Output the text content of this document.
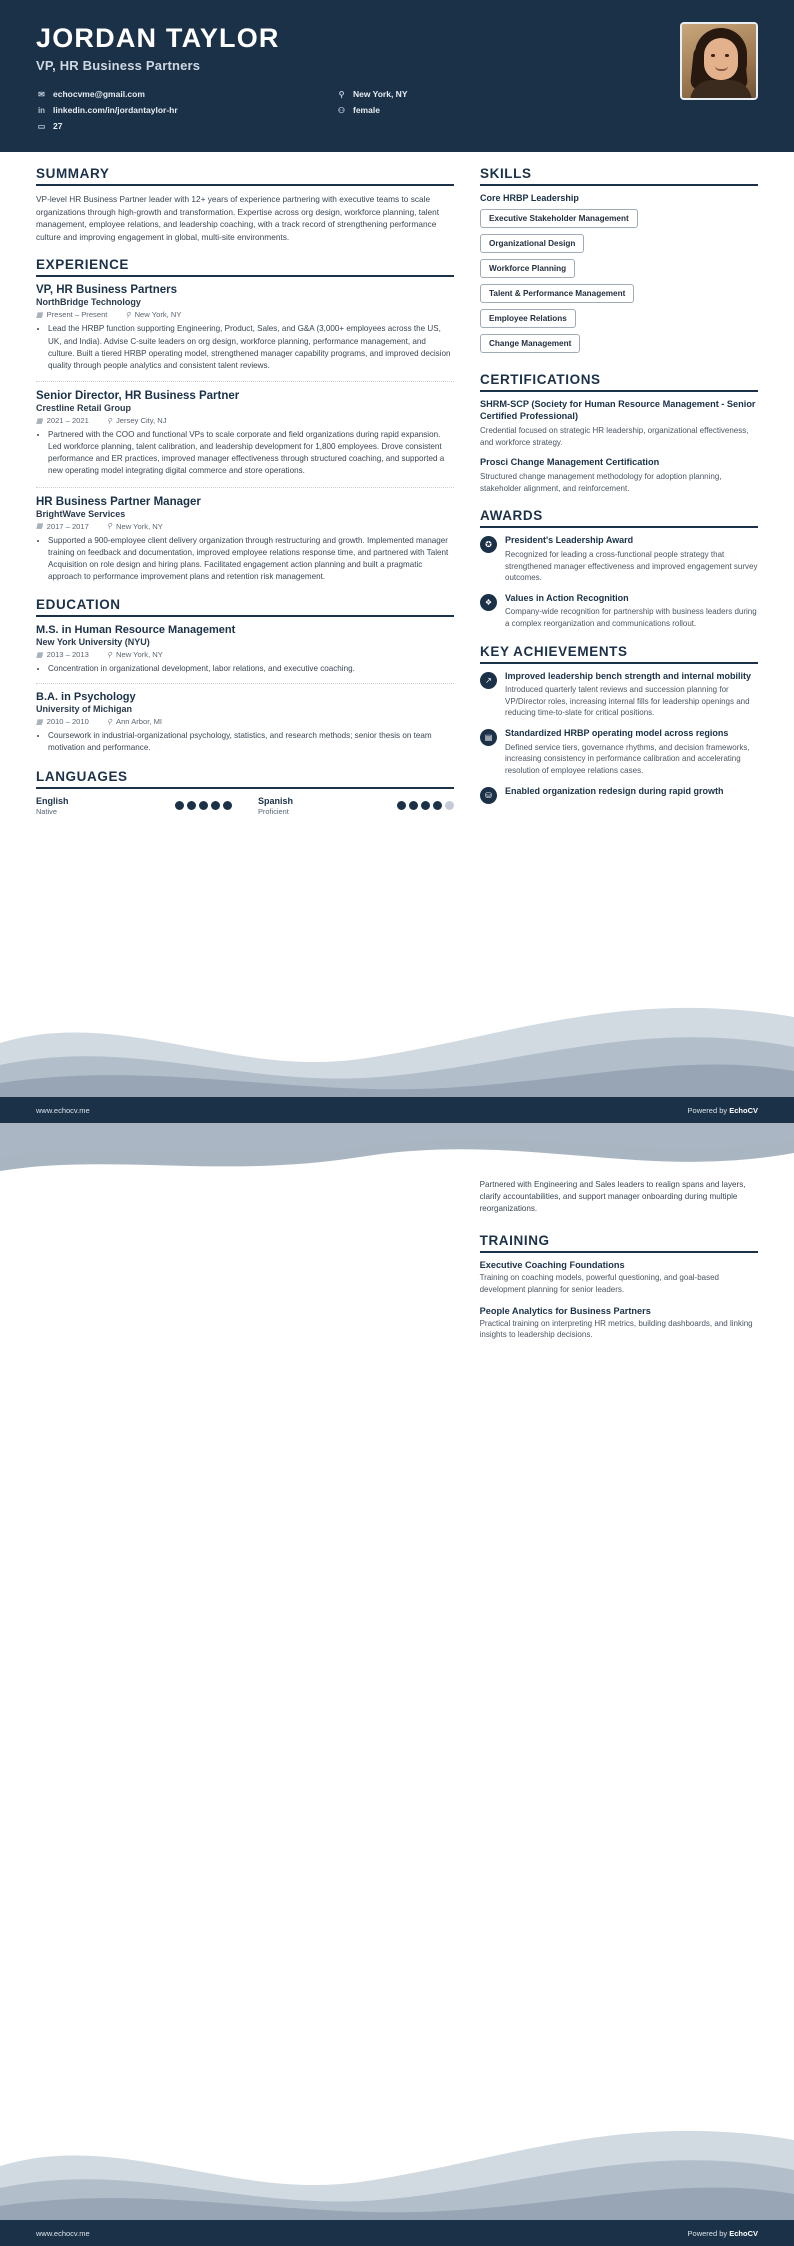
JORDAN TAYLOR
VP, HR Business Partners
✉ echocvme@gmail.com	⚲	New York, NY
in linkedin.com/in/jordantaylor-hr	⚇ female
▭ 27
SUMMARY
VP-level HR Business Partner leader with 12+ years of experience partnering with executive teams to scale organizations through high-growth and transformation. Expertise across org design, workforce planning, talent management, employee relations, and leadership coaching, with a track record of strengthening performance culture and improving engagement in global, multi-site environments.
EXPERIENCE
VP, HR Business Partners
NorthBridge Technology
▦ Present – Present	⚲ New York, NY
• Lead the HRBP function supporting Engineering, Product, Sales, and G&A (3,000+ employees across the US, UK, and India). Advise C-suite leaders on org design, workforce planning, performance management, and culture. Built a tiered HRBP operating model, strengthened manager capability programs, and improved decision quality through people analytics and consistent talent reviews.
Senior Director, HR Business Partner
Crestline Retail Group
▦ 2021 – 2021	⚲ Jersey City, NJ
• Partnered with the COO and functional VPs to scale corporate and field organizations during rapid expansion. Led workforce planning, talent calibration, and leadership development for 1,800 employees. Drove consistent performance and ER practices, improved manager effectiveness through structured coaching, and supported a new operating model integrating digital commerce and store operations.
HR Business Partner Manager
BrightWave Services
▦ 2017 – 2017	⚲ New York, NY
• Supported a 900-employee client delivery organization through restructuring and growth. Implemented manager training on feedback and documentation, improved employee relations response time, and partnered with Talent Acquisition on role design and hiring plans. Facilitated engagement action planning and built a pragmatic approach to performance improvement plans and retention risk management.
EDUCATION
M.S. in Human Resource Management
New York University (NYU)
▦ 2013 – 2013	⚲ New York, NY
• Concentration in organizational development, labor relations, and executive coaching.
B.A. in Psychology
University of Michigan
▦ 2010 – 2010	⚲ Ann Arbor, MI
• Coursework in industrial-organizational psychology, statistics, and research methods; senior thesis on team motivation and performance.
LANGUAGES
English
Native
Spanish
Proficient
SKILLS
Core HRBP Leadership
Executive Stakeholder Management
Organizational Design
Workforce Planning
Talent & Performance Management
Employee Relations
Change Management
CERTIFICATIONS
SHRM-SCP (Society for Human Resource Management - Senior Certified Professional)
Credential focused on strategic HR leadership, organizational effectiveness, and workforce strategy.
Prosci Change Management Certification
Structured change management methodology for adoption planning, stakeholder alignment, and reinforcement.
AWARDS
✪	President's Leadership Award
Recognized for leading a cross-functional people strategy that strengthened manager effectiveness and improved engagement survey outcomes.
❖	Values in Action Recognition
Company-wide recognition for partnership with business leaders during a complex reorganization and communications rollout.
KEY ACHIEVEMENTS
↗	Improved leadership bench strength and internal mobility
Introduced quarterly talent reviews and succession planning for VP/Director roles, increasing internal fills for leadership openings and reducing time-to-slate for critical positions.
▤	Standardized HRBP operating model across regions
Defined service tiers, governance rhythms, and decision frameworks, increasing consistency in performance calibration and accelerating resolution of employee relations cases.
⛁	Enabled organization redesign during rapid growth
www.echocv.me	Powered by EchoCV
Partnered with Engineering and Sales leaders to realign spans and layers, clarify accountabilities, and support manager onboarding during multiple reorganizations.
TRAINING
Executive Coaching Foundations
Training on coaching models, powerful questioning, and goal-based development planning for senior leaders.
People Analytics for Business Partners
Practical training on interpreting HR metrics, building dashboards, and linking insights to leadership decisions.
www.echocv.me	Powered by EchoCV
